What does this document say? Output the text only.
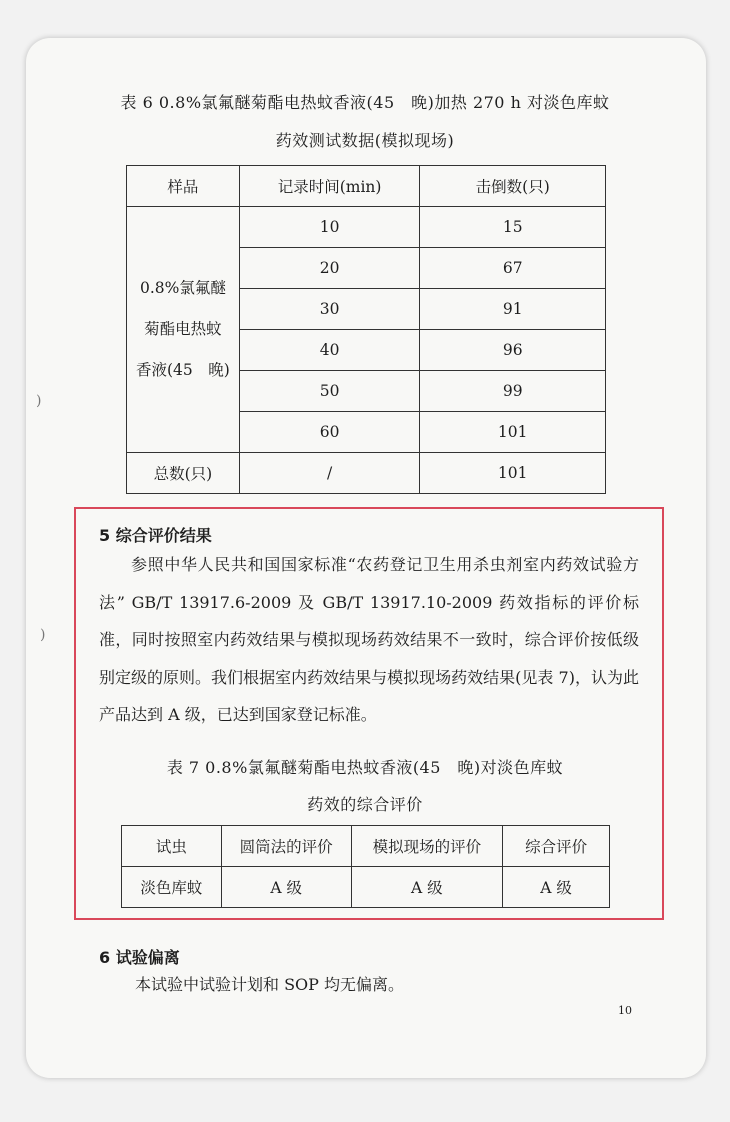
表 6 0.8%氯氟醚菊酯电热蚊香液(45　晚)加热 270 h 对淡色库蚊
药效测试数据(模拟现场)
样品	记录时间(min)	击倒数(只)

0.8%氯氟醚
菊酯电热蚊
香液(45　晚)	10	15
	20	67
	30	91
	40	96
	50	99
	60	101
总数(只)	/	101
5 综合评价结果
参照中华人民共和国国家标准“农药登记卫生用杀虫剂室内药效试验方法” GB/T 13917.6-2009 及 GB/T 13917.10-2009 药效指标的评价标准，同时按照室内药效结果与模拟现场药效结果不一致时，综合评价按低级别定级的原则。我们根据室内药效结果与模拟现场药效结果(见表 7)，认为此产品达到 A 级，已达到国家登记标准。
表 7 0.8%氯氟醚菊酯电热蚊香液(45　晚)对淡色库蚊
药效的综合评价
试虫	圆筒法的评价	模拟现场的评价	综合评价
淡色库蚊	A 级	A 级	A 级
6 试验偏离
本试验中试验计划和 SOP 均无偏离。
10
)
)
